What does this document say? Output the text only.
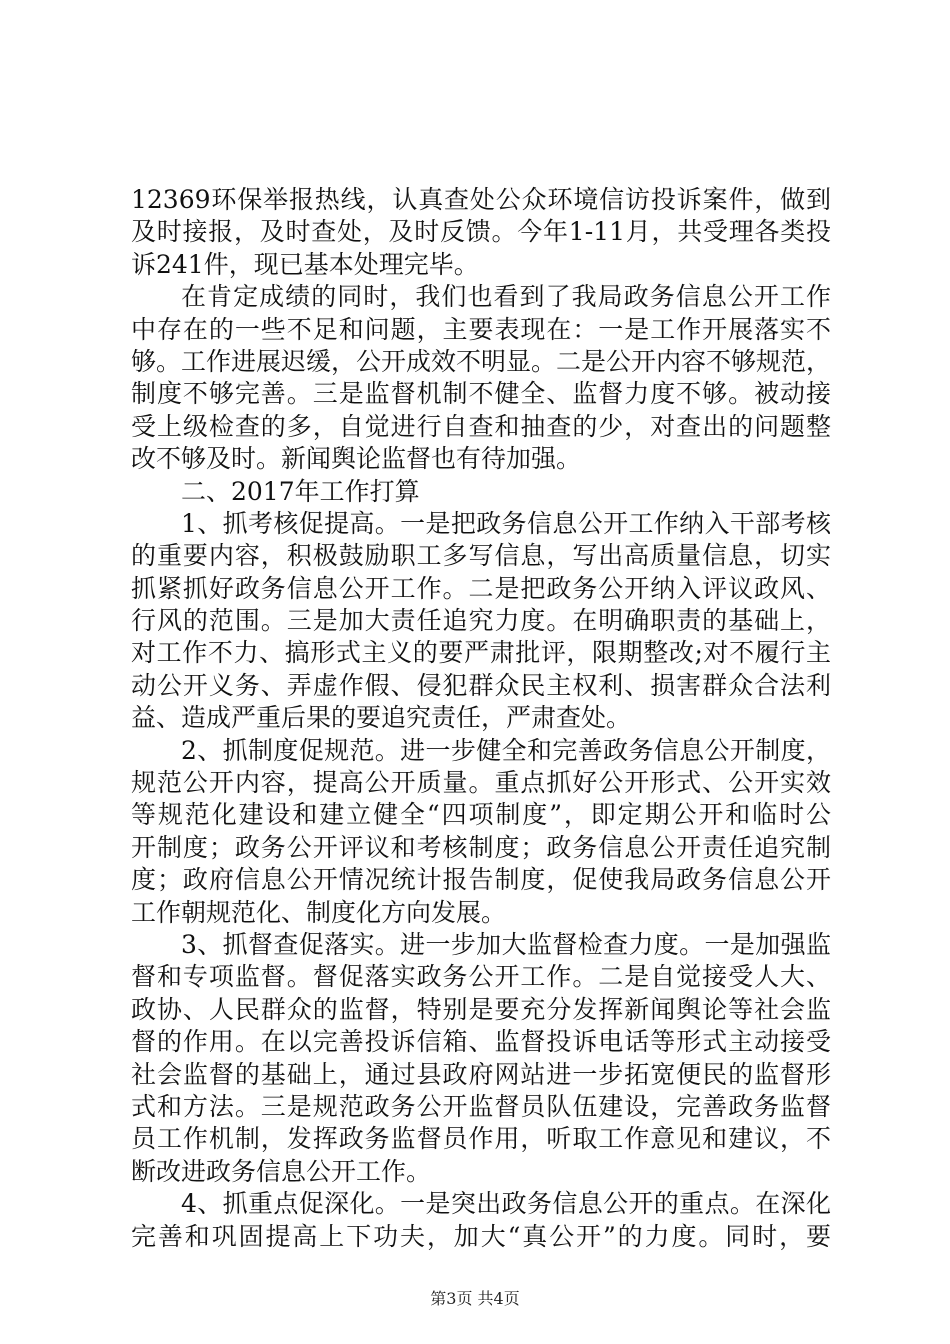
12369环保举报热线，认真查处公众环境信访投诉案件，做到
及时接报，及时查处，及时反馈。今年1-11月，共受理各类投
诉241件，现已基本处理完毕。
在肯定成绩的同时，我们也看到了我局政务信息公开工作
中存在的一些不足和问题，主要表现在：一是工作开展落实不
够。工作进展迟缓，公开成效不明显。二是公开内容不够规范，
制度不够完善。三是监督机制不健全、监督力度不够。被动接
受上级检查的多，自觉进行自查和抽查的少，对查出的问题整
改不够及时。新闻舆论监督也有待加强。
二、2017年工作打算
1、抓考核促提高。一是把政务信息公开工作纳入干部考核
的重要内容，积极鼓励职工多写信息，写出高质量信息，切实
抓紧抓好政务信息公开工作。二是把政务公开纳入评议政风、
行风的范围。三是加大责任追究力度。在明确职责的基础上，
对工作不力、搞形式主义的要严肃批评，限期整改;对不履行主
动公开义务、弄虚作假、侵犯群众民主权利、损害群众合法利
益、造成严重后果的要追究责任，严肃查处。
2、抓制度促规范。进一步健全和完善政务信息公开制度，
规范公开内容，提高公开质量。重点抓好公开形式、公开实效
等规范化建设和建立健全“四项制度”，即定期公开和临时公
开制度；政务公开评议和考核制度；政务信息公开责任追究制
度；政府信息公开情况统计报告制度，促使我局政务信息公开
工作朝规范化、制度化方向发展。
3、抓督查促落实。进一步加大监督检查力度。一是加强监
督和专项监督。督促落实政务公开工作。二是自觉接受人大、
政协、人民群众的监督，特别是要充分发挥新闻舆论等社会监
督的作用。在以完善投诉信箱、监督投诉电话等形式主动接受
社会监督的基础上，通过县政府网站进一步拓宽便民的监督形
式和方法。三是规范政务公开监督员队伍建设，完善政务监督
员工作机制，发挥政务监督员作用，听取工作意见和建议，不
断改进政务信息公开工作。
4、抓重点促深化。一是突出政务信息公开的重点。在深化
完善和巩固提高上下功夫，加大“真公开”的力度。同时，要
第3页 共4页
